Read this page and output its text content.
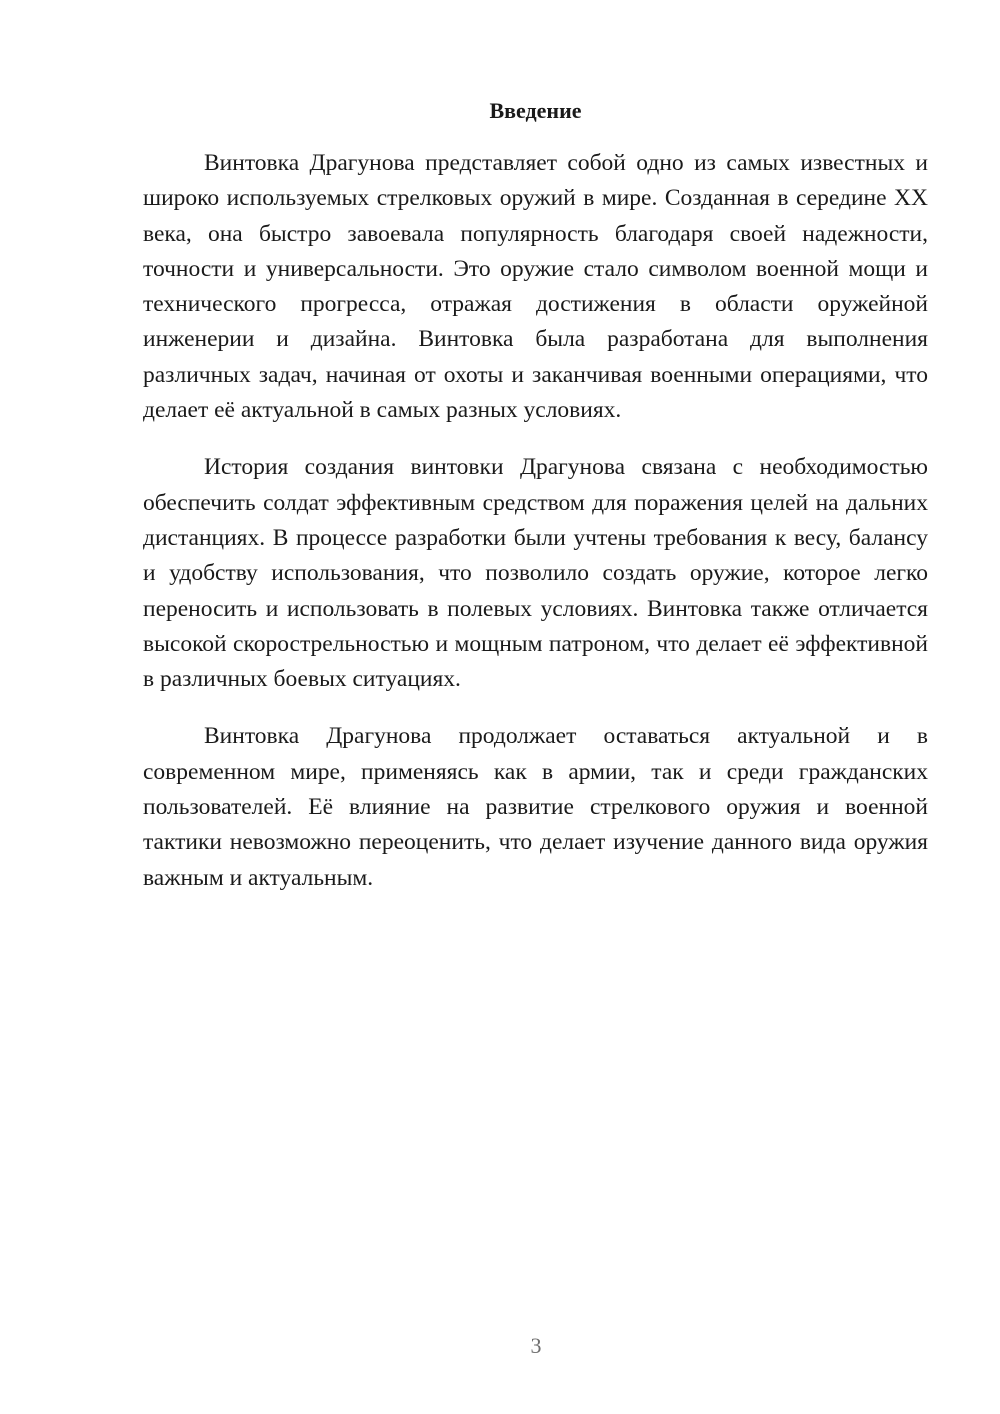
Введение

Винтовка Драгунова представляет собой одно из самых известных и широко используемых стрелковых оружий в мире. Созданная в середине XX века, она быстро завоевала популярность благодаря своей надежности, точности и универсальности. Это оружие стало символом военной мощи и технического прогресса, отражая достижения в области оружейной инженерии и дизайна. Винтовка была разработана для выполнения различных задач, начиная от охоты и заканчивая военными операциями, что делает её актуальной в самых разных условиях.

История создания винтовки Драгунова связана с необходимостью обеспечить солдат эффективным средством для поражения целей на дальних дистанциях. В процессе разработки были учтены требования к весу, балансу и удобству использования, что позволило создать оружие, которое легко переносить и использовать в полевых условиях. Винтовка также отличается высокой скорострельностью и мощным патроном, что делает её эффективной в различных боевых ситуациях.

Винтовка Драгунова продолжает оставаться актуальной и в современном мире, применяясь как в армии, так и среди гражданских пользователей. Её влияние на развитие стрелкового оружия и военной тактики невозможно переоценить, что делает изучение данного вида оружия важным и актуальным.

3
